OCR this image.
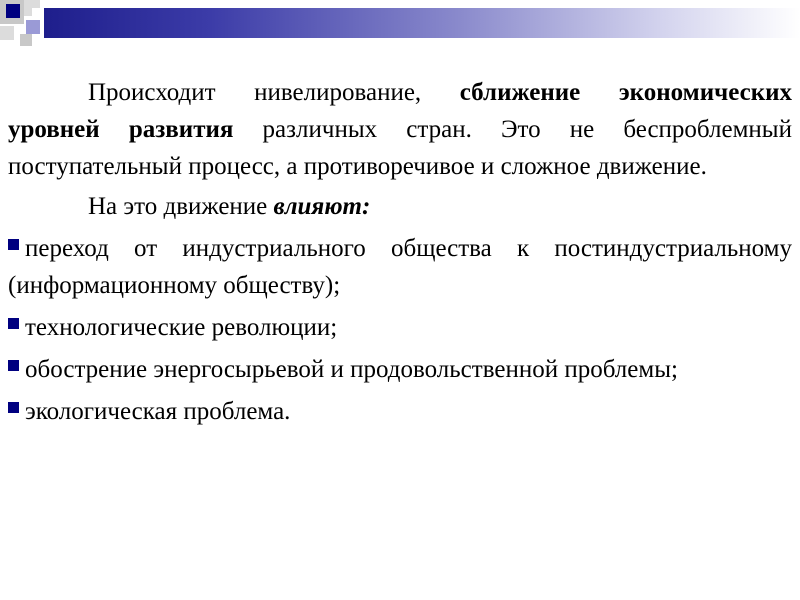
Происходит нивелирование, сближение экономических уровней развития различных стран. Это не беспроблемный поступательный процесс, а противоречивое и сложное движение.

На это движение влияют:

переход от индустриального общества к постиндустриальному (информационному обществу);
технологические революции;
обострение энергосырьевой и продовольственной проблемы;
экологическая проблема.
